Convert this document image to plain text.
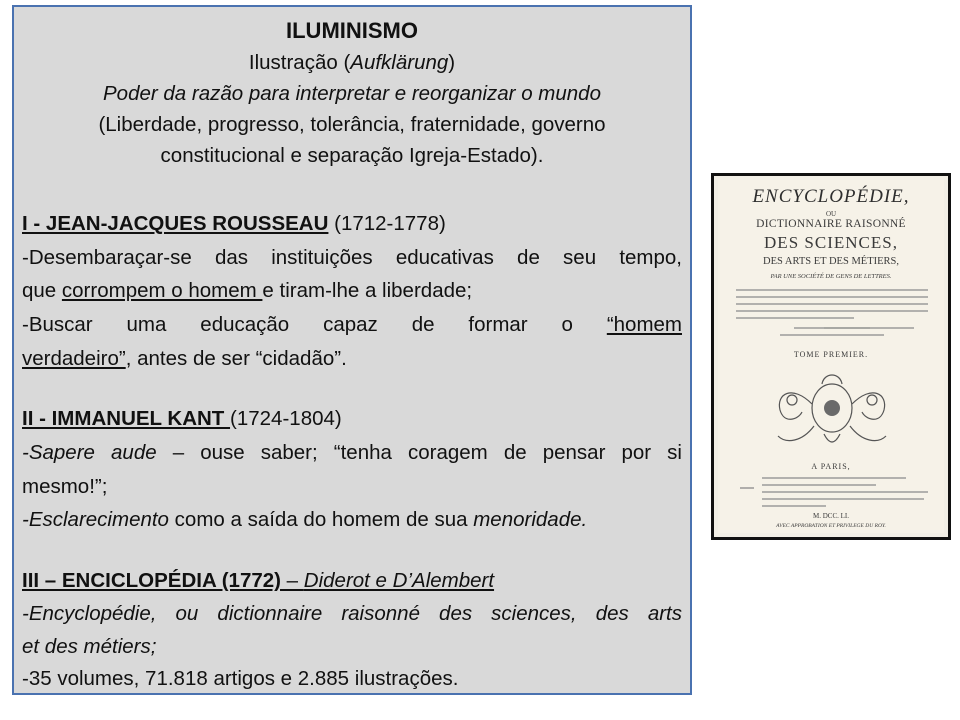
ILUMINISMO
Ilustração (Aufklärung)
Poder da razão para interpretar e reorganizar o mundo
(Liberdade, progresso, tolerância, fraternidade, governo
constitucional e separação Igreja-Estado).
I - JEAN-JACQUES ROUSSEAU (1712-1778)
-Desembaraçar-se das instituições educativas de seu tempo,
que corrompem o homem e tiram-lhe a liberdade;
-Buscar uma educação capaz de formar o “homem
verdadeiro”, antes de ser “cidadão”.
II - IMMANUEL KANT (1724-1804)
-Sapere aude – ouse saber; “tenha coragem de pensar por si
mesmo!”;
-Esclarecimento como a saída do homem de sua menoridade.
III – ENCICLOPÉDIA (1772) – Diderot e D’Alembert
-Encyclopédie, ou dictionnaire raisonné des sciences, des arts
et des métiers;
-35 volumes, 71.818 artigos e 2.885 ilustrações.
ENCYCLOPÉDIE,
OU
DICTIONNAIRE RAISONNÉ
DES SCIENCES,
DES ARTS ET DES MÉTIERS,
PAR UNE SOCIÉTÉ DE GENS DE LETTRES.
TOME PREMIER.
A PARIS,
M. DCC. LI.
AVEC APPROBATION ET PRIVILEGE DU ROY.
